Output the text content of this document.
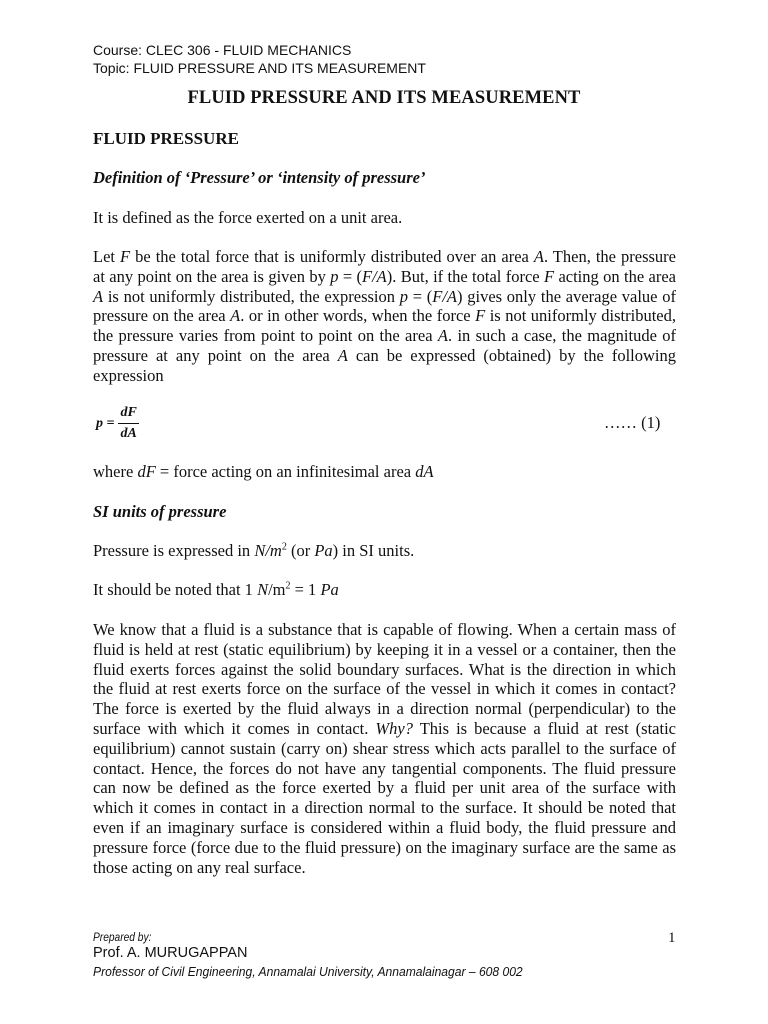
Course: CLEC 306 - FLUID MECHANICS
Topic: FLUID PRESSURE AND ITS MEASUREMENT
FLUID PRESSURE AND ITS MEASUREMENT
FLUID PRESSURE
Definition of ‘Pressure’ or ‘intensity of pressure’
It is defined as the force exerted on a unit area.
Let F be the total force that is uniformly distributed over an area A. Then, the pressure at any point on the area is given by p = (F/A). But, if the total force F acting on the area A is not uniformly distributed, the expression p = (F/A) gives only the average value of pressure on the area A. or in other words, when the force F is not uniformly distributed, the pressure varies from point to point on the area A. in such a case, the magnitude of pressure at any point on the area A can be expressed (obtained) by the following expression
$p = \frac{dF}{dA}$	…… (1)
where dF = force acting on an infinitesimal area dA
SI units of pressure
Pressure is expressed in $N/m^2$ (or Pa) in SI units.
It should be noted that 1 $N/m^2 = 1$ Pa
We know that a fluid is a substance that is capable of flowing. When a certain mass of fluid is held at rest (static equilibrium) by keeping it in a vessel or a container, then the fluid exerts forces against the solid boundary surfaces. What is the direction in which the fluid at rest exerts force on the surface of the vessel in which it comes in contact? The force is exerted by the fluid always in a direction normal (perpendicular) to the surface with which it comes in contact. Why? This is because a fluid at rest (static equilibrium) cannot sustain (carry on) shear stress which acts parallel to the surface of contact. Hence, the forces do not have any tangential components. The fluid pressure can now be defined as the force exerted by a fluid per unit area of the surface with which it comes in contact in a direction normal to the surface. It should be noted that even if an imaginary surface is considered within a fluid body, the fluid pressure and pressure force (force due to the fluid pressure) on the imaginary surface are the same as those acting on any real surface.
Prepared by:
Prof. A. MURUGAPPAN
Professor of Civil Engineering, Annamalai University, Annamalainagar – 608 002
1
